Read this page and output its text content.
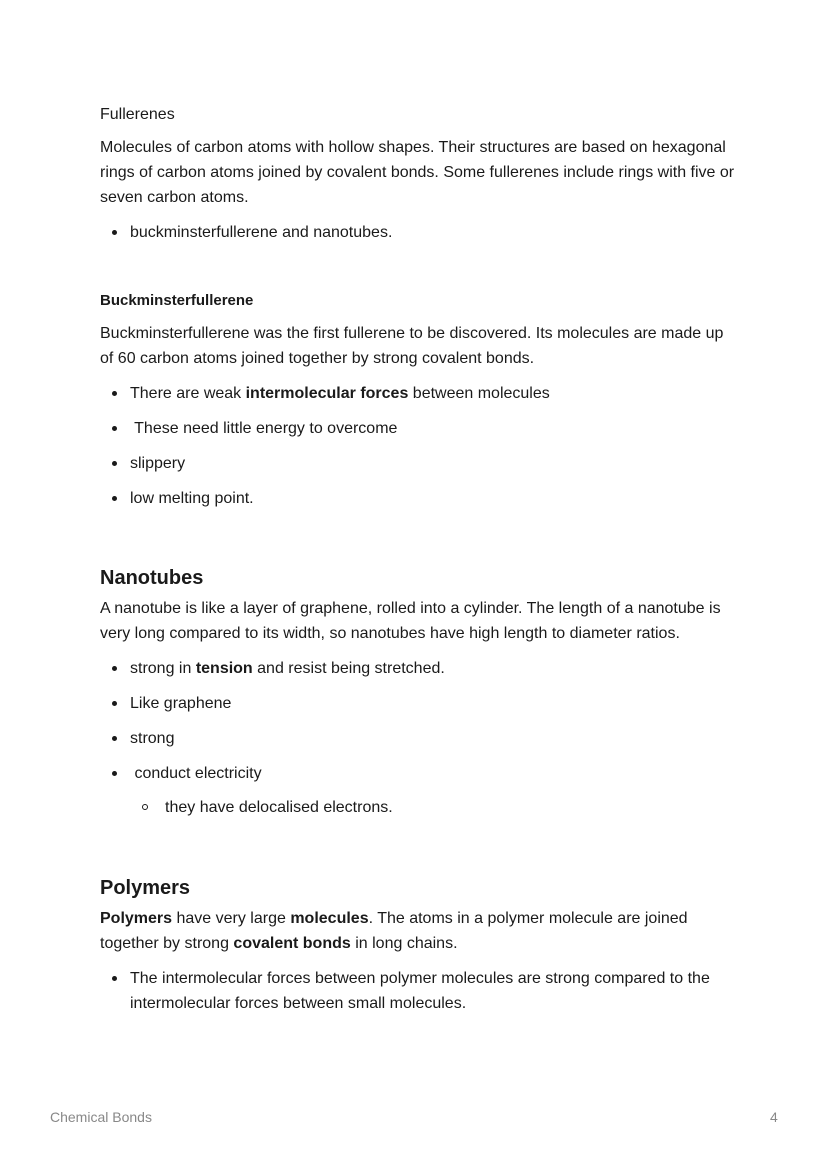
Fullerenes

Molecules of carbon atoms with hollow shapes. Their structures are based on hexagonal rings of carbon atoms joined by covalent bonds. Some fullerenes include rings with five or seven carbon atoms.

buckminsterfullerene and nanotubes.
Buckminsterfullerene

Buckminsterfullerene was the first fullerene to be discovered. Its molecules are made up of 60 carbon atoms joined together by strong covalent bonds.

There are weak intermolecular forces between molecules
These need little energy to overcome
slippery
low melting point.
Nanotubes

A nanotube is like a layer of graphene, rolled into a cylinder. The length of a nanotube is very long compared to its width, so nanotubes have high length to diameter ratios.

strong in tension and resist being stretched.
Like graphene
strong
conduct electricity
they have delocalised electrons.
Polymers

Polymers have very large molecules. The atoms in a polymer molecule are joined together by strong covalent bonds in long chains.

The intermolecular forces between polymer molecules are strong compared to the intermolecular forces between small molecules.
Chemical Bonds	4
